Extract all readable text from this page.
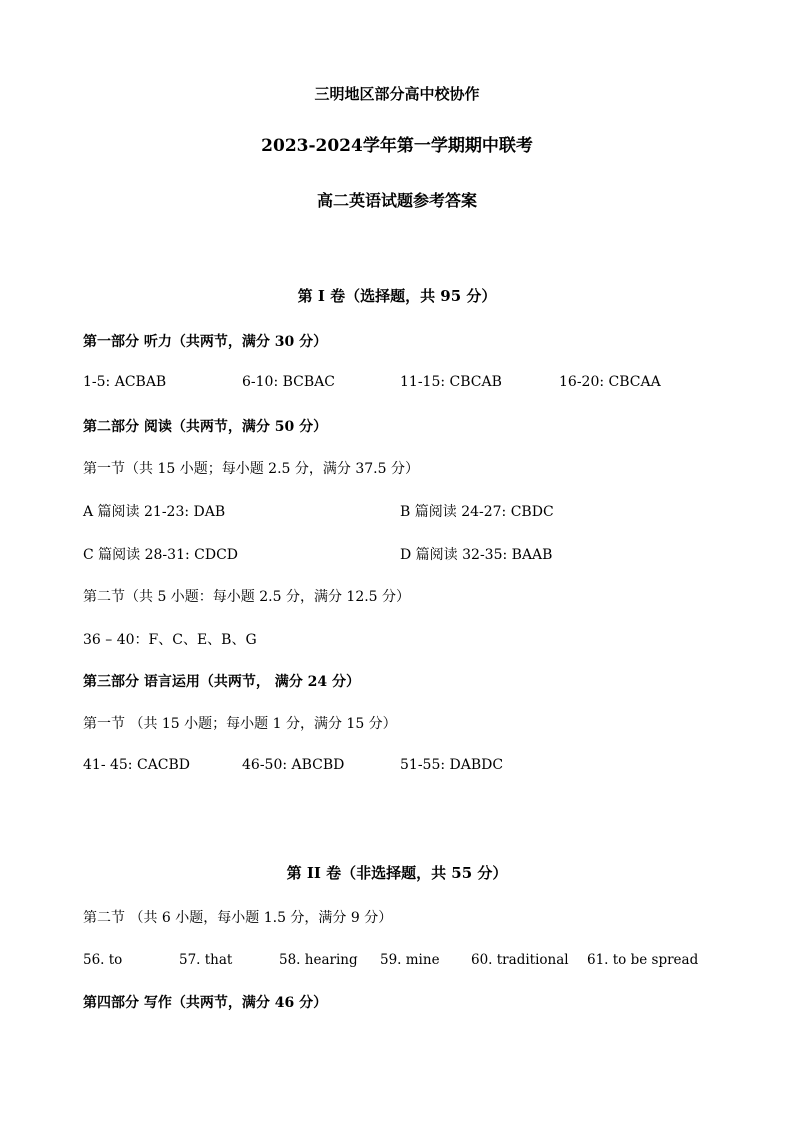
三明地区部分高中校协作
2023-2024学年第一学期期中联考
高二英语试题参考答案
第 I 卷（选择题，共 95 分）
第一部分 听力（共两节，满分 30 分）
1-5: ACBAB	6-10: BCBAC	11-15: CBCAB	16-20: CBCAA
第二部分 阅读（共两节，满分 50 分）
第一节（共 15 小题；每小题 2.5 分，满分 37.5 分）
A 篇阅读 21-23: DAB	B 篇阅读 24-27: CBDC
C 篇阅读 28-31: CDCD	D 篇阅读 32-35: BAAB
第二节（共 5 小题：每小题 2.5 分，满分 12.5 分）
36 – 40：F、C、E、B、G
第三部分 语言运用（共两节， 满分 24 分）
第一节 （共 15 小题；每小题 1 分，满分 15 分）
41- 45: CACBD	46-50: ABCBD	51-55: DABDC
第 II 卷（非选择题，共 55 分）
第二节 （共 6 小题，每小题 1.5 分，满分 9 分）
56. to	57. that	58. hearing 59. mine 60. traditional 61. to be spread
第四部分 写作（共两节，满分 46 分）
